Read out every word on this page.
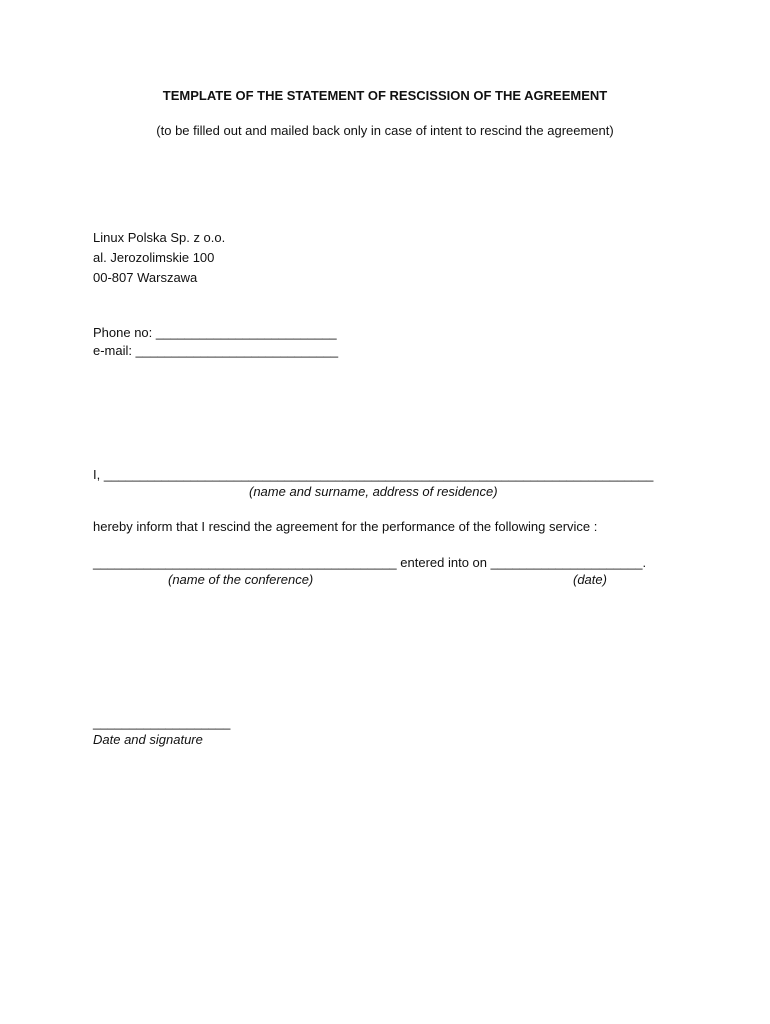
TEMPLATE OF THE STATEMENT OF RESCISSION OF THE AGREEMENT
(to be filled out and mailed back only in case of intent to rescind the agreement)
Linux Polska Sp. z o.o.
al. Jerozolimskie 100
00-807 Warszawa
Phone no: _________________________
e-mail: ____________________________
I, ____________________________________________________________________________
(name and surname, address of residence)
hereby inform that I rescind the agreement for the performance of the following service :
__________________________________________ entered into on _____________________.
(name of the conference)	(date)
___________________
Date and signature
